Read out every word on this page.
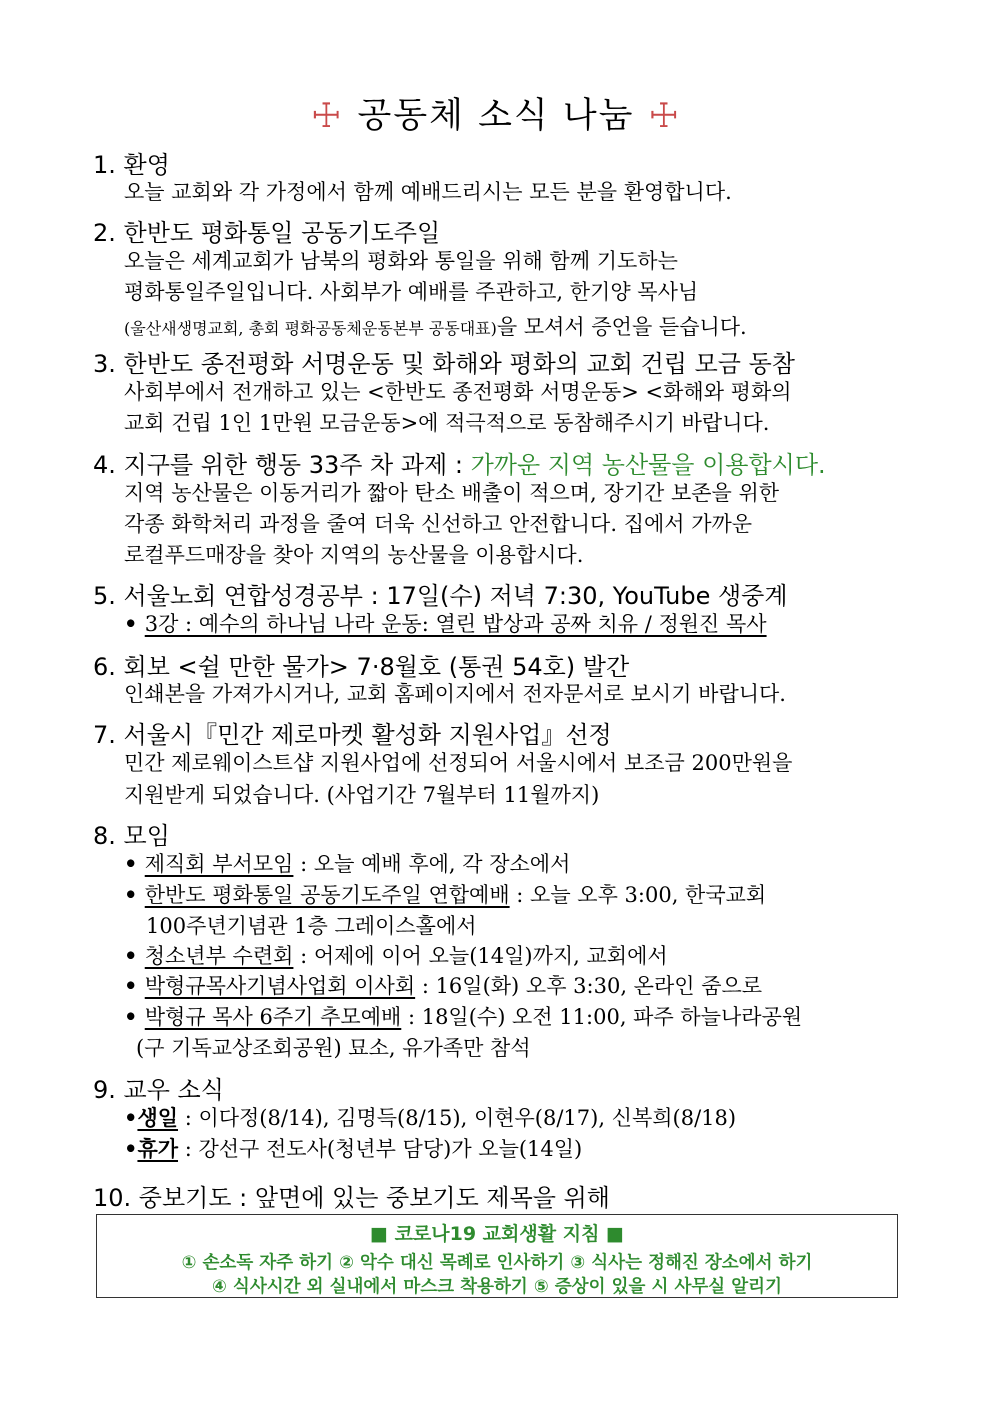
☩ 공동체 소식 나눔 ☩
1. 환영
오늘 교회와 각 가정에서 함께 예배드리시는 모든 분을 환영합니다.
2. 한반도 평화통일 공동기도주일
오늘은 세계교회가 남북의 평화와 통일을 위해 함께 기도하는
평화통일주일입니다. 사회부가 예배를 주관하고, 한기양 목사님
(울산새생명교회, 총회 평화공동체운동본부 공동대표)을 모셔서 증언을 듣습니다.
3. 한반도 종전평화 서명운동 및 화해와 평화의 교회 건립 모금 동참
사회부에서 전개하고 있는 <한반도 종전평화 서명운동> <화해와 평화의
교회 건립 1인 1만원 모금운동>에 적극적으로 동참해주시기 바랍니다.
4. 지구를 위한 행동 33주 차 과제 : 가까운 지역 농산물을 이용합시다.
지역 농산물은 이동거리가 짧아 탄소 배출이 적으며, 장기간 보존을 위한
각종 화학처리 과정을 줄여 더욱 신선하고 안전합니다. 집에서 가까운
로컬푸드매장을 찾아 지역의 농산물을 이용합시다.
5. 서울노회 연합성경공부 : 17일(수) 저녁 7:30, YouTube 생중계
• 3강 : 예수의 하나님 나라 운동: 열린 밥상과 공짜 치유 / 정원진 목사
6. 회보 <쉴 만한 물가> 7·8월호 (통권 54호) 발간
인쇄본을 가져가시거나, 교회 홈페이지에서 전자문서로 보시기 바랍니다.
7. 서울시『민간 제로마켓 활성화 지원사업』선정
민간 제로웨이스트샵 지원사업에 선정되어 서울시에서 보조금 200만원을
지원받게 되었습니다. (사업기간 7월부터 11월까지)
8. 모임
• 제직회 부서모임 : 오늘 예배 후에, 각 장소에서
• 한반도 평화통일 공동기도주일 연합예배 : 오늘 오후 3:00, 한국교회
100주년기념관 1층 그레이스홀에서
• 청소년부 수련회 : 어제에 이어 오늘(14일)까지, 교회에서
• 박형규목사기념사업회 이사회 : 16일(화) 오후 3:30, 온라인 줌으로
• 박형규 목사 6주기 추모예배 : 18일(수) 오전 11:00, 파주 하늘나라공원
(구 기독교상조회공원) 묘소, 유가족만 참석
9. 교우 소식
•생일 : 이다정(8/14), 김명득(8/15), 이현우(8/17), 신복희(8/18)
•휴가 : 강선구 전도사(청년부 담당)가 오늘(14일)
10. 중보기도 : 앞면에 있는 중보기도 제목을 위해
■ 코로나19 교회생활 지침 ■
① 손소독 자주 하기 ② 악수 대신 목례로 인사하기 ③ 식사는 정해진 장소에서 하기
④ 식사시간 외 실내에서 마스크 착용하기 ⑤ 증상이 있을 시 사무실 알리기
